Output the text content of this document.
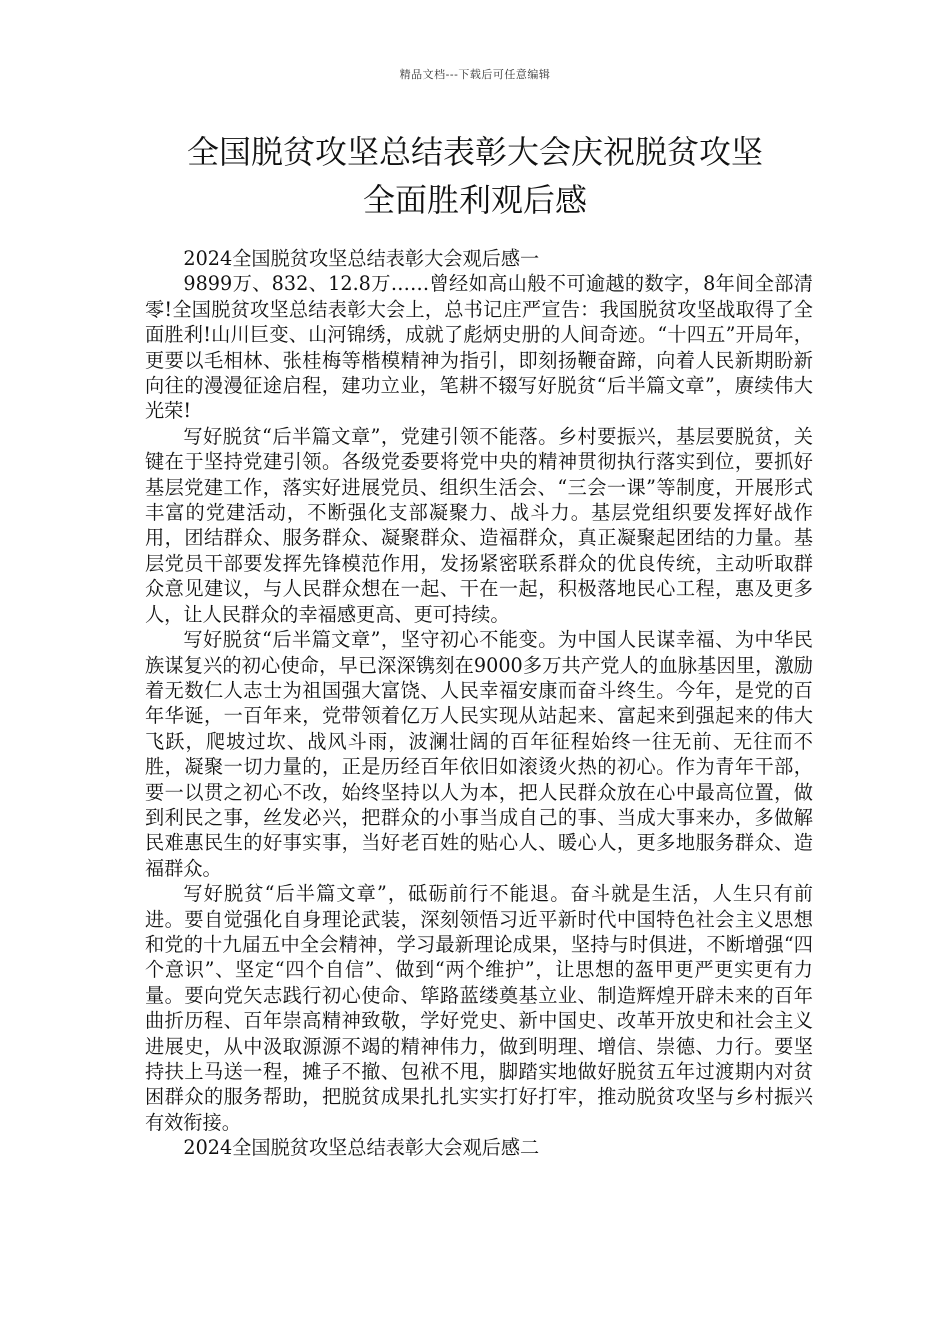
精品文档---下载后可任意编辑
全国脱贫攻坚总结表彰大会庆祝脱贫攻坚
全面胜利观后感

2024全国脱贫攻坚总结表彰大会观后感一

9899万、832、12.8万……曾经如高山般不可逾越的数字，8年间全部清零!全国脱贫攻坚总结表彰大会上，总书记庄严宣告：我国脱贫攻坚战取得了全面胜利!山川巨变、山河锦绣，成就了彪炳史册的人间奇迹。“十四五”开局年，更要以毛相林、张桂梅等楷模精神为指引，即刻扬鞭奋蹄，向着人民新期盼新向往的漫漫征途启程，建功立业，笔耕不辍写好脱贫“后半篇文章”，赓续伟大光荣!

写好脱贫“后半篇文章”，党建引领不能落。乡村要振兴，基层要脱贫，关键在于坚持党建引领。各级党委要将党中央的精神贯彻执行落实到位，要抓好基层党建工作，落实好进展党员、组织生活会、“三会一课”等制度，开展形式丰富的党建活动，不断强化支部凝聚力、战斗力。基层党组织要发挥好战作用，团结群众、服务群众、凝聚群众、造福群众，真正凝聚起团结的力量。基层党员干部要发挥先锋模范作用，发扬紧密联系群众的优良传统，主动听取群众意见建议，与人民群众想在一起、干在一起，积极落地民心工程，惠及更多人，让人民群众的幸福感更高、更可持续。

写好脱贫“后半篇文章”，坚守初心不能变。为中国人民谋幸福、为中华民族谋复兴的初心使命，早已深深镌刻在9000多万共产党人的血脉基因里，激励着无数仁人志士为祖国强大富饶、人民幸福安康而奋斗终生。今年，是党的百年华诞，一百年来，党带领着亿万人民实现从站起来、富起来到强起来的伟大飞跃，爬坡过坎、战风斗雨，波澜壮阔的百年征程始终一往无前、无往而不胜，凝聚一切力量的，正是历经百年依旧如滚烫火热的初心。作为青年干部，要一以贯之初心不改，始终坚持以人为本，把人民群众放在心中最高位置，做到利民之事，丝发必兴，把群众的小事当成自己的事、当成大事来办，多做解民难惠民生的好事实事，当好老百姓的贴心人、暖心人，更多地服务群众、造福群众。

写好脱贫“后半篇文章”，砥砺前行不能退。奋斗就是生活，人生只有前进。要自觉强化自身理论武装，深刻领悟习近平新时代中国特色社会主义思想和党的十九届五中全会精神，学习最新理论成果，坚持与时俱进，不断增强“四个意识”、坚定“四个自信”、做到“两个维护”，让思想的盔甲更严更实更有力量。要向党矢志践行初心使命、筚路蓝缕奠基立业、制造辉煌开辟未来的百年曲折历程、百年崇高精神致敬，学好党史、新中国史、改革开放史和社会主义进展史，从中汲取源源不竭的精神伟力，做到明理、增信、崇德、力行。要坚持扶上马送一程，摊子不撤、包袱不甩，脚踏实地做好脱贫五年过渡期内对贫困群众的服务帮助，把脱贫成果扎扎实实打好打牢，推动脱贫攻坚与乡村振兴有效衔接。

2024全国脱贫攻坚总结表彰大会观后感二
